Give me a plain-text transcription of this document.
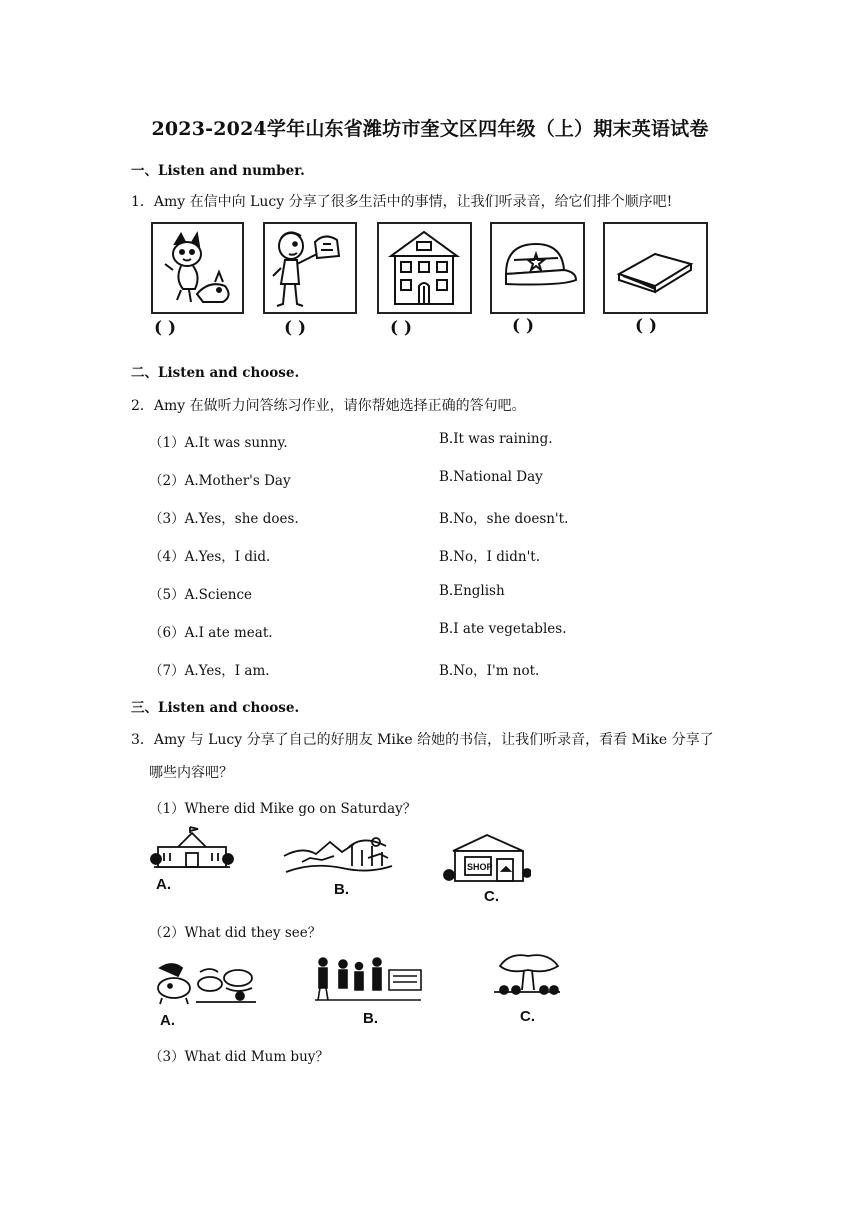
2023-2024学年山东省潍坊市奎文区四年级（上）期末英语试卷
一、Listen and number.
1．Amy 在信中向 Lucy 分享了很多生活中的事情，让我们听录音，给它们排个顺序吧!
( )	( )	( )	( )	( )
二、Listen and choose.
2．Amy 在做听力问答练习作业，请你帮她选择正确的答句吧。
（1）A.It was sunny.	B.It was raining.
（2）A.Mother's Day	B.National Day
（3）A.Yes，she does.	B.No，she doesn't.
（4）A.Yes，I did.	B.No，I didn't.
（5）A.Science	B.English
（6）A.I ate meat.	B.I ate vegetables.
（7）A.Yes，I am.	B.No，I'm not.
三、Listen and choose.
3．Amy 与 Lucy 分享了自己的好朋友 Mike 给她的书信，让我们听录音，看看 Mike 分享了
哪些内容吧？
（1）Where did Mike go on Saturday？
A.	B.
SHOP
C.
（2）What did they see？
A.	B.	C.
（3）What did Mum buy？
